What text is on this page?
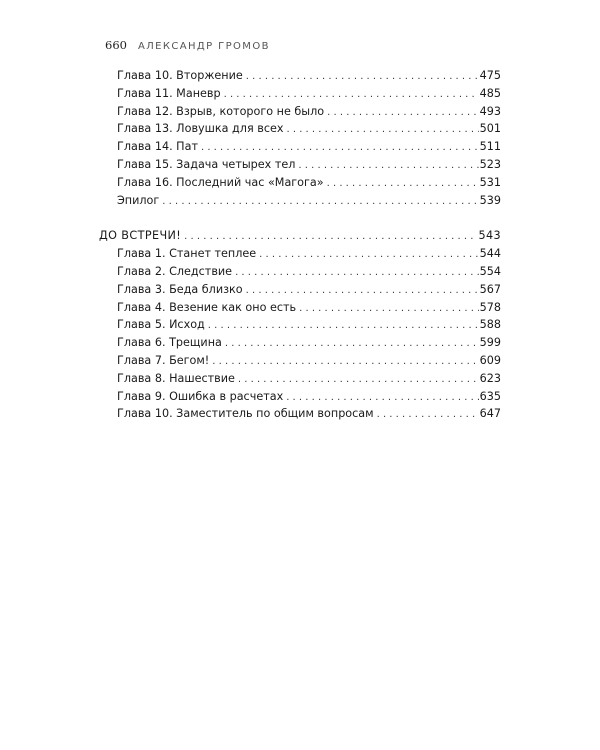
660 АЛЕКСАНДР ГРОМОВ
Глава 10. Вторжение . . .	475
Глава 11. Маневр . . .	485
Глава 12. Взрыв, которого не было . . .	493
Глава 13. Ловушка для всех . . .	501
Глава 14. Пат . . .	511
Глава 15. Задача четырех тел . . .	523
Глава 16. Последний час «Магога» . . .	531
Эпилог . . .	539
ДО ВСТРЕЧИ! . . .	543
Глава 1. Станет теплее . . .	544
Глава 2. Следствие . . .	554
Глава 3. Беда близко . . .	567
Глава 4. Везение как оно есть . . .	578
Глава 5. Исход . . .	588
Глава 6. Трещина . . .	599
Глава 7. Бегом! . . .	609
Глава 8. Нашествие . . .	623
Глава 9. Ошибка в расчетах . . .	635
Глава 10. Заместитель по общим вопросам . . .	647
